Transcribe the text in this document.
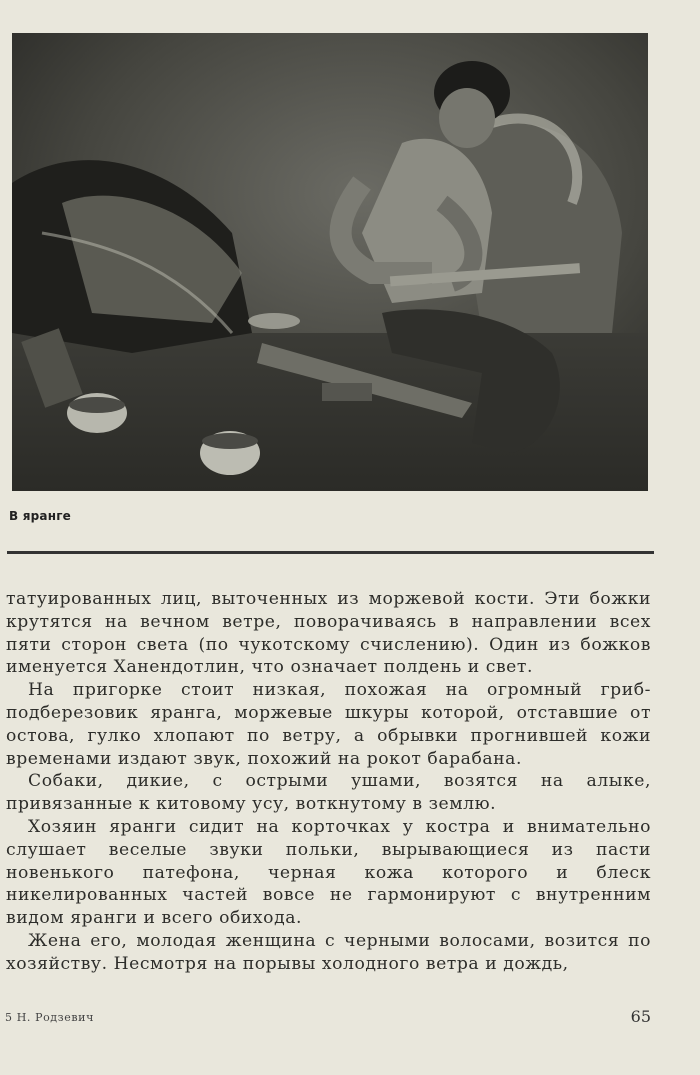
В яранге

татуированных лиц, выточенных из моржевой кости. Эти божки крутятся на вечном ветре, поворачиваясь в направлении всех пяти сторон света (по чукотскому счислению). Один из божков именуется Ханендотлин, что означает полдень и свет.

На пригорке стоит низкая, похожая на огромный гриб-подберезовик яранга, моржевые шкуры которой, отставшие от остова, гулко хлопают по ветру, а обрывки прогнившей кожи временами издают звук, похожий на рокот барабана.

Собаки, дикие, с острыми ушами, возятся на алыке, привязанные к китовому усу, воткнутому в землю.

Хозяин яранги сидит на корточках у костра и внимательно слушает веселые звуки польки, вырывающиеся из пасти новенького патефона, черная кожа которого и блеск никелированных частей вовсе не гармонируют с внутренним видом яранги и всего обихода.

Жена его, молодая женщина с черными волосами, возится по хозяйству. Несмотря на порывы холодного ветра и дождь,

5 Н. Родзевич	65
